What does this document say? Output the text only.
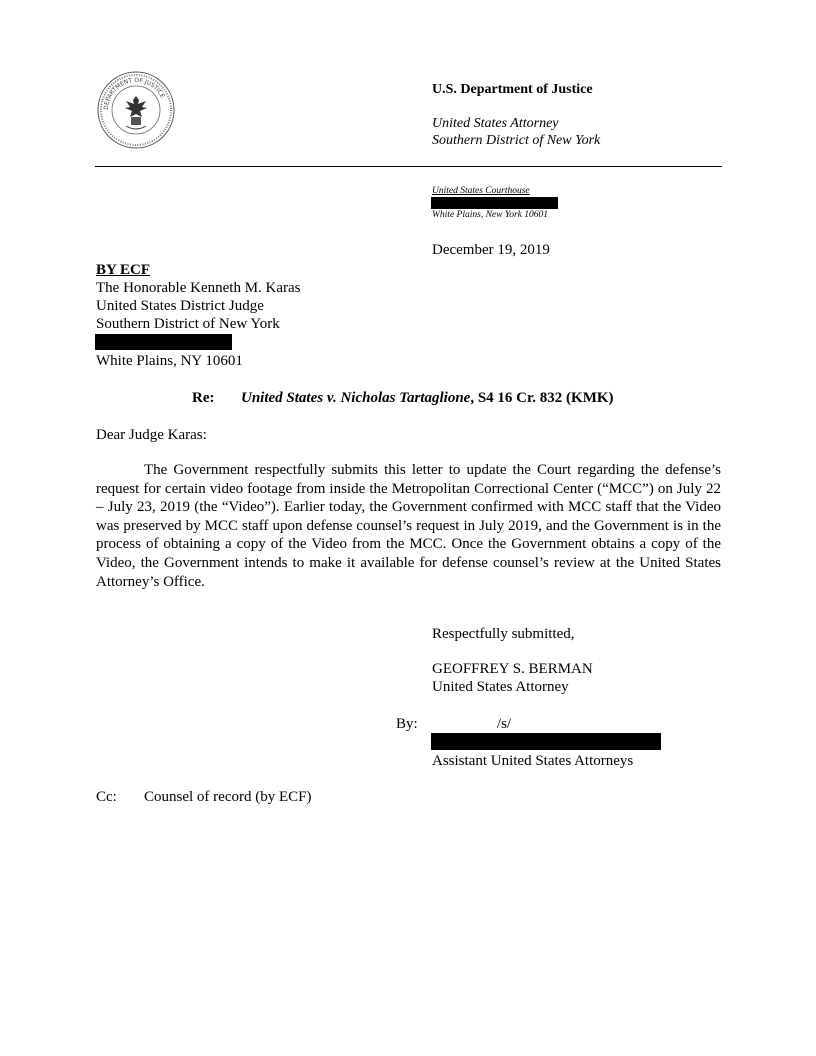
DEPARTMENT OF JUSTICE	U.S. Department of Justice
United States Attorney
Southern District of New York
United States Courthouse
White Plains, New York 10601
December 19, 2019
BY ECF
The Honorable Kenneth M. Karas
United States District Judge
Southern District of New York
White Plains, NY 10601
Re: United States v. Nicholas Tartaglione, S4 16 Cr. 832 (KMK)
Dear Judge Karas:
The Government respectfully submits this letter to update the Court regarding the defense’s request for certain video footage from inside the Metropolitan Correctional Center (“MCC”) on July 22 – July 23, 2019 (the “Video”). Earlier today, the Government confirmed with MCC staff that the Video was preserved by MCC staff upon defense counsel’s request in July 2019, and the Government is in the process of obtaining a copy of the Video from the MCC. Once the Government obtains a copy of the Video, the Government intends to make it available for defense counsel’s review at the United States Attorney’s Office.
Respectfully submitted,
GEOFFREY S. BERMAN
United States Attorney
By:	/s/
Assistant United States Attorneys
Cc: Counsel of record (by ECF)
